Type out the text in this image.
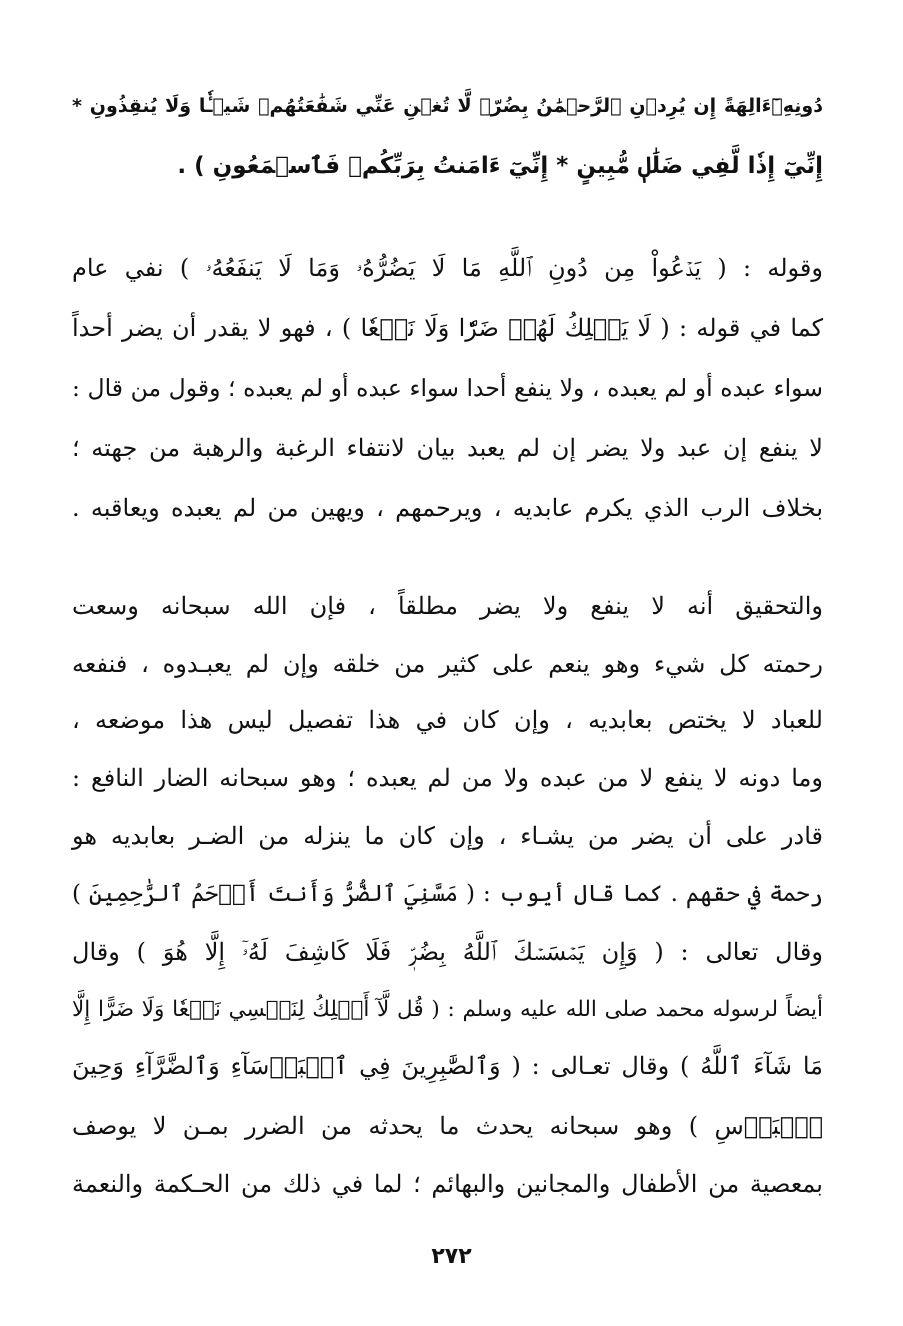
دُونِهِۦٓءَالِهَةً إِن يُرِدۡنِ ٱلرَّحۡمَٰنُ بِضُرّٖ لَّا تُغۡنِ عَنِّي شَفَٰعَتُهُمۡ شَيۡـٔٗا وَلَا يُنقِذُونِ *
إِنِّيٓ إِذٗا لَّفِي ضَلَٰلٖ مُّبِينٍ * إِنِّيٓ ءَامَنتُ بِرَبِّكُمۡ فَٱسۡمَعُونِ ) .
وقوله : ( يَدۡعُواْ مِن دُونِ ٱللَّهِ مَا لَا يَضُرُّهُۥ وَمَا لَا يَنفَعُهُۥ ) نفي عام
كما في قوله : ( لَا يَمۡلِكُ لَهُمۡ ضَرّٗا وَلَا نَفۡعٗا ) ، فهو لا يقدر أن يضر أحداً
سواء عبده أو لم يعبده ، ولا ينفع أحدا سواء عبده أو لم يعبده ؛ وقول من قال :
لا ينفع إن عبد ولا يضر إن لم يعبد بيان لانتفاء الرغبة والرهبة من جهته ؛
بخلاف الرب الذي يكرم عابديه ، ويرحمهم ، ويهين من لم يعبده ويعاقبه .
والتحقيق أنه لا ينفع ولا يضر مطلقاً ، فإن الله سبحانه وسعت
رحمته كل شيء وهو ينعم على كثير من خلقه وإن لم يعبـدوه ، فنفعه
للعباد لا يختص بعابديه ، وإن كان في هذا تفصيل ليس هذا موضعه ،
وما دونه لا ينفع لا من عبده ولا من لم يعبده ؛ وهو سبحانه الضار النافع :
قادر على أن يضر من يشـاء ، وإن كان ما ينزله من الضـر بعابديه هو
رحمة في حقهم . كما قال أيوب : ( مَسَّنِيَ ٱلضُّرُّ وَأَنتَ أَرۡحَمُ ٱلرَّٰحِمِينَ )
وقال تعالى : ( وَإِن يَمۡسَسۡكَ ٱللَّهُ بِضُرّٖ فَلَا كَاشِفَ لَهُۥٓ إِلَّا هُوَ ) وقال
أيضاً لرسوله محمد صلى الله عليه وسلم : ( قُل لَّآ أَمۡلِكُ لِنَفۡسِي نَفۡعٗا وَلَا ضَرًّا إِلَّا
مَا شَآءَ ٱللَّهُ ) وقال تعـالى : ( وَٱلصَّٰبِرِينَ فِي ٱلۡبَأۡسَآءِ وَٱلضَّرَّآءِ وَحِينَ
ٱلۡبَأۡسِ ) وهو سبحانه يحدث ما يحدثه من الضرر بمـن لا يوصف
بمعصية من الأطفال والمجانين والبهائم ؛ لما في ذلك من الحـكمة والنعمة
٢٧٢
